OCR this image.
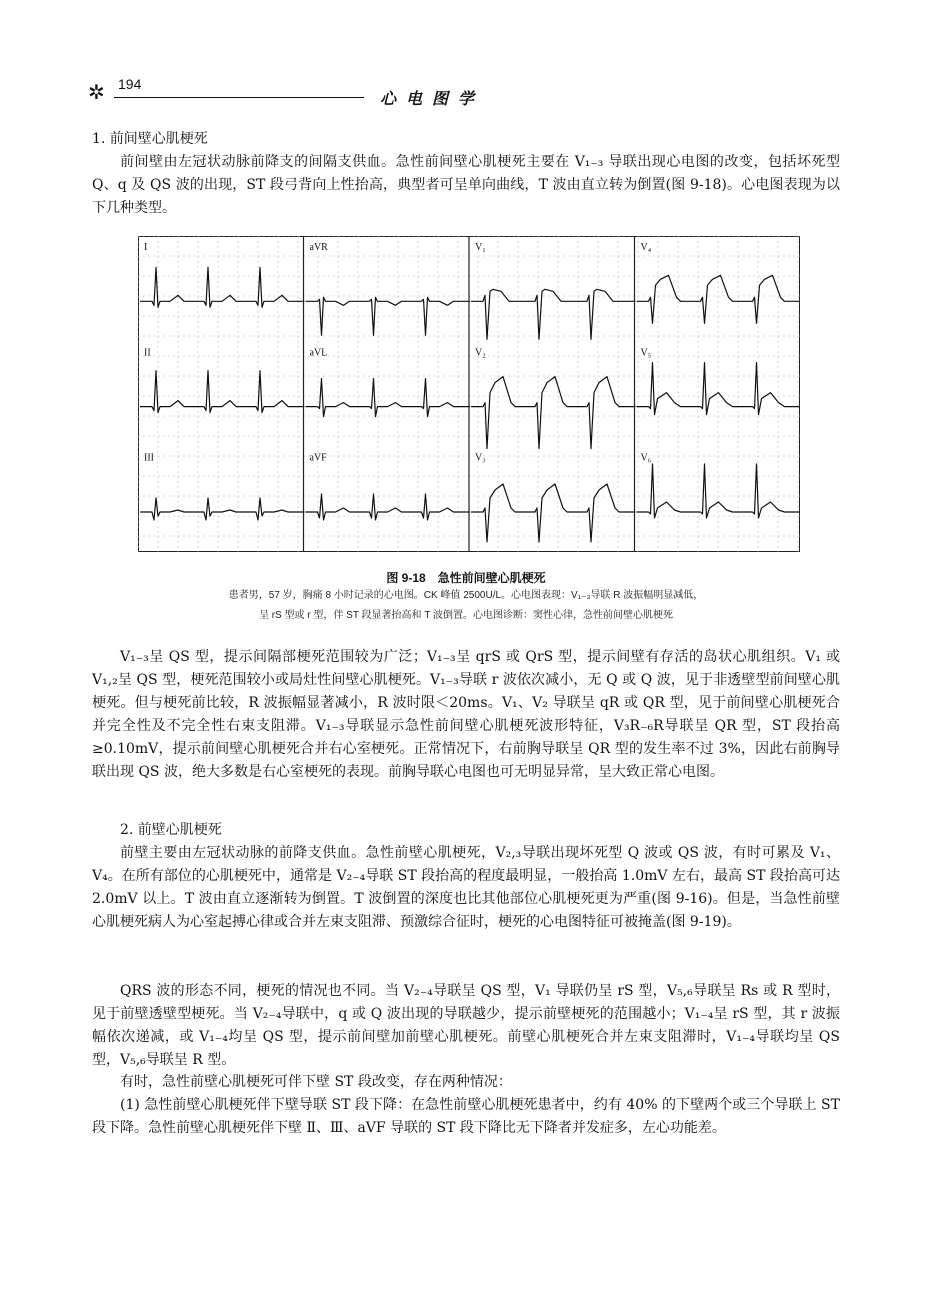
✲ 194
心电图学

1. 前间壁心肌梗死

前间壁由左冠状动脉前降支的间隔支供血。急性前间壁心肌梗死主要在 V₁₋₃ 导联出现心电图的改变，包括坏死型 Q、q 及 QS 波的出现，ST 段弓背向上性抬高，典型者可呈单向曲线，T 波由直立转为倒置(图 9-18)。心电图表现为以下几种类型。

I	aVR	V₁	V₄
II	aVL	V₂	V₅
III	aVF	V₃	V₆
图 9-18　急性前间壁心肌梗死
患者男，57 岁，胸痛 8 小时记录的心电图。CK 峰值 2500U/L。心电图表现：V₁₋₃导联 R 波振幅明显减低，
呈 rS 型或 r 型，伴 ST 段显著抬高和 T 波倒置。心电图诊断：窦性心律，急性前间壁心肌梗死

V₁₋₃呈 QS 型，提示间隔部梗死范围较为广泛；V₁₋₃呈 qrS 或 QrS 型，提示间壁有存活的岛状心肌组织。V₁ 或 V₁,₂呈 QS 型，梗死范围较小或局灶性间壁心肌梗死。V₁₋₃导联 r 波依次减小，无 Q 或 Q 波，见于非透壁型前间壁心肌梗死。但与梗死前比较，R 波振幅显著减小，R 波时限＜20ms。V₁、V₂ 导联呈 qR 或 QR 型，见于前间壁心肌梗死合并完全性及不完全性右束支阻滞。V₁₋₃导联显示急性前间壁心肌梗死波形特征，V₃R₋₆R导联呈 QR 型，ST 段抬高≥0.10mV，提示前间壁心肌梗死合并右心室梗死。正常情况下，右前胸导联呈 QR 型的发生率不过 3%，因此右前胸导联出现 QS 波，绝大多数是右心室梗死的表现。前胸导联心电图也可无明显异常，呈大致正常心电图。

2. 前壁心肌梗死

前壁主要由左冠状动脉的前降支供血。急性前壁心肌梗死，V₂,₃导联出现坏死型 Q 波或 QS 波，有时可累及 V₁、V₄。在所有部位的心肌梗死中，通常是 V₂₋₄导联 ST 段抬高的程度最明显，一般抬高 1.0mV 左右，最高 ST 段抬高可达 2.0mV 以上。T 波由直立逐渐转为倒置。T 波倒置的深度也比其他部位心肌梗死更为严重(图 9-16)。但是，当急性前壁心肌梗死病人为心室起搏心律或合并左束支阻滞、预激综合征时，梗死的心电图特征可被掩盖(图 9-19)。

QRS 波的形态不同，梗死的情况也不同。当 V₂₋₄导联呈 QS 型，V₁ 导联仍呈 rS 型，V₅,₆导联呈 Rs 或 R 型时，见于前壁透壁型梗死。当 V₂₋₄导联中，q 或 Q 波出现的导联越少，提示前壁梗死的范围越小；V₁₋₄呈 rS 型，其 r 波振幅依次递减，或 V₁₋₄均呈 QS 型，提示前间壁加前壁心肌梗死。前壁心肌梗死合并左束支阻滞时，V₁₋₄导联均呈 QS 型，V₅,₆导联呈 R 型。

有时，急性前壁心肌梗死可伴下壁 ST 段改变，存在两种情况：

(1) 急性前壁心肌梗死伴下壁导联 ST 段下降：在急性前壁心肌梗死患者中，约有 40% 的下壁两个或三个导联上 ST 段下降。急性前壁心肌梗死伴下壁 Ⅱ、Ⅲ、aVF 导联的 ST 段下降比无下降者并发症多，左心功能差。
